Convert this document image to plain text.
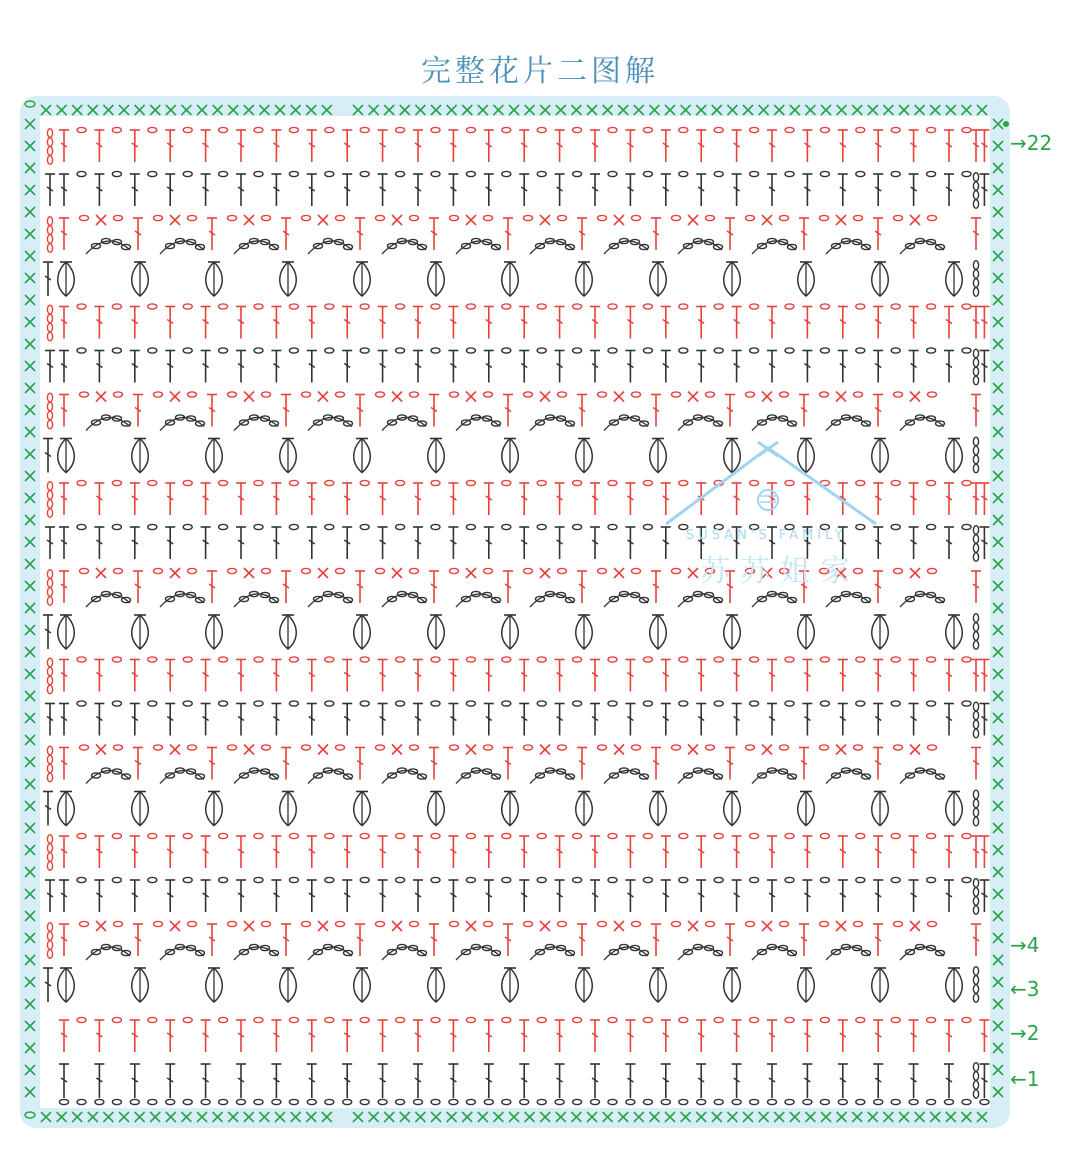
完整花片二图解
→22
→4
←3
→2
←1
SUSAN'S FAMILY
苏苏姐家
